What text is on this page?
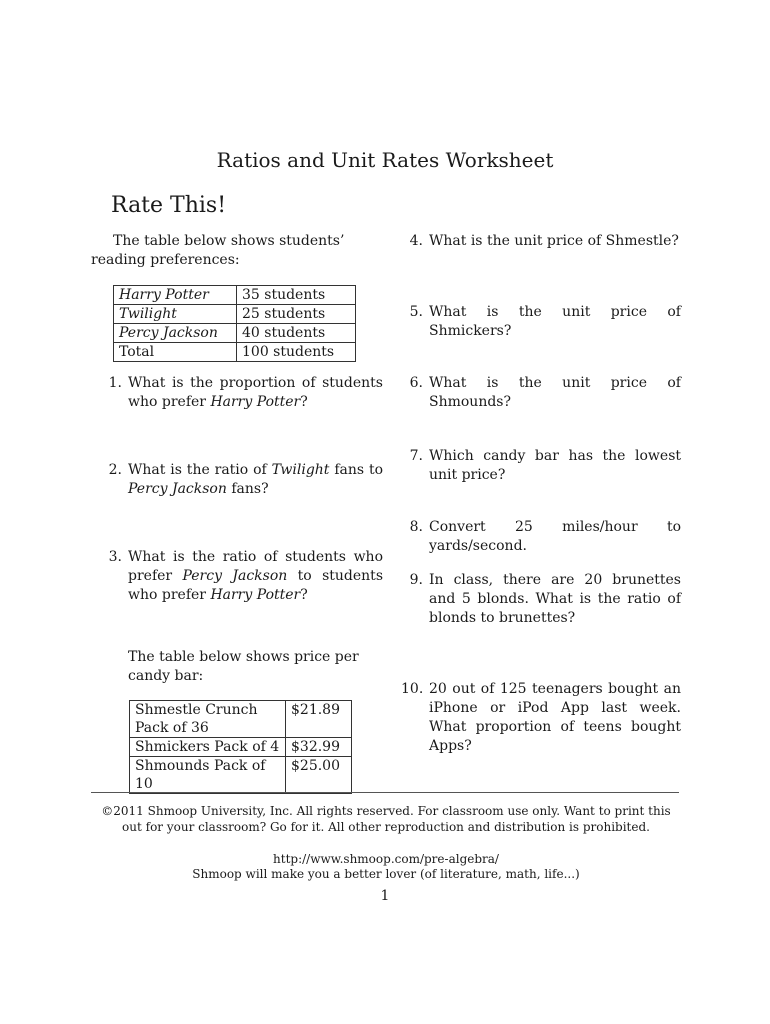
Ratios and Unit Rates Worksheet
Rate This!
The table below shows students’ reading preferences:
Harry Potter	35 students
Twilight	25 students
Percy Jackson	40 students
Total	100 students
1. What is the proportion of students who prefer Harry Potter?
2. What is the ratio of Twilight fans to Percy Jackson fans?
3. What is the ratio of students who prefer Percy Jackson to students who prefer Harry Potter?
The table below shows price per candy bar:
Shmestle Crunch Pack of 36	$21.89
Shmickers Pack of 4	$32.99
Shmounds Pack of 10	$25.00
4. What is the unit price of Shmestle?
5. What is the unit price of Shmickers?
6. What is the unit price of Shmounds?
7. Which candy bar has the lowest unit price?
8. Convert 25 miles/hour to yards/second.
9. In class, there are 20 brunettes and 5 blonds. What is the ratio of blonds to brunettes?
10. 20 out of 125 teenagers bought an iPhone or iPod App last week. What proportion of teens bought Apps?
©2011 Shmoop University, Inc. All rights reserved. For classroom use only. Want to print this out for your classroom? Go for it. All other reproduction and distribution is prohibited.
http://www.shmoop.com/pre-algebra/
Shmoop will make you a better lover (of literature, math, life...)
1
